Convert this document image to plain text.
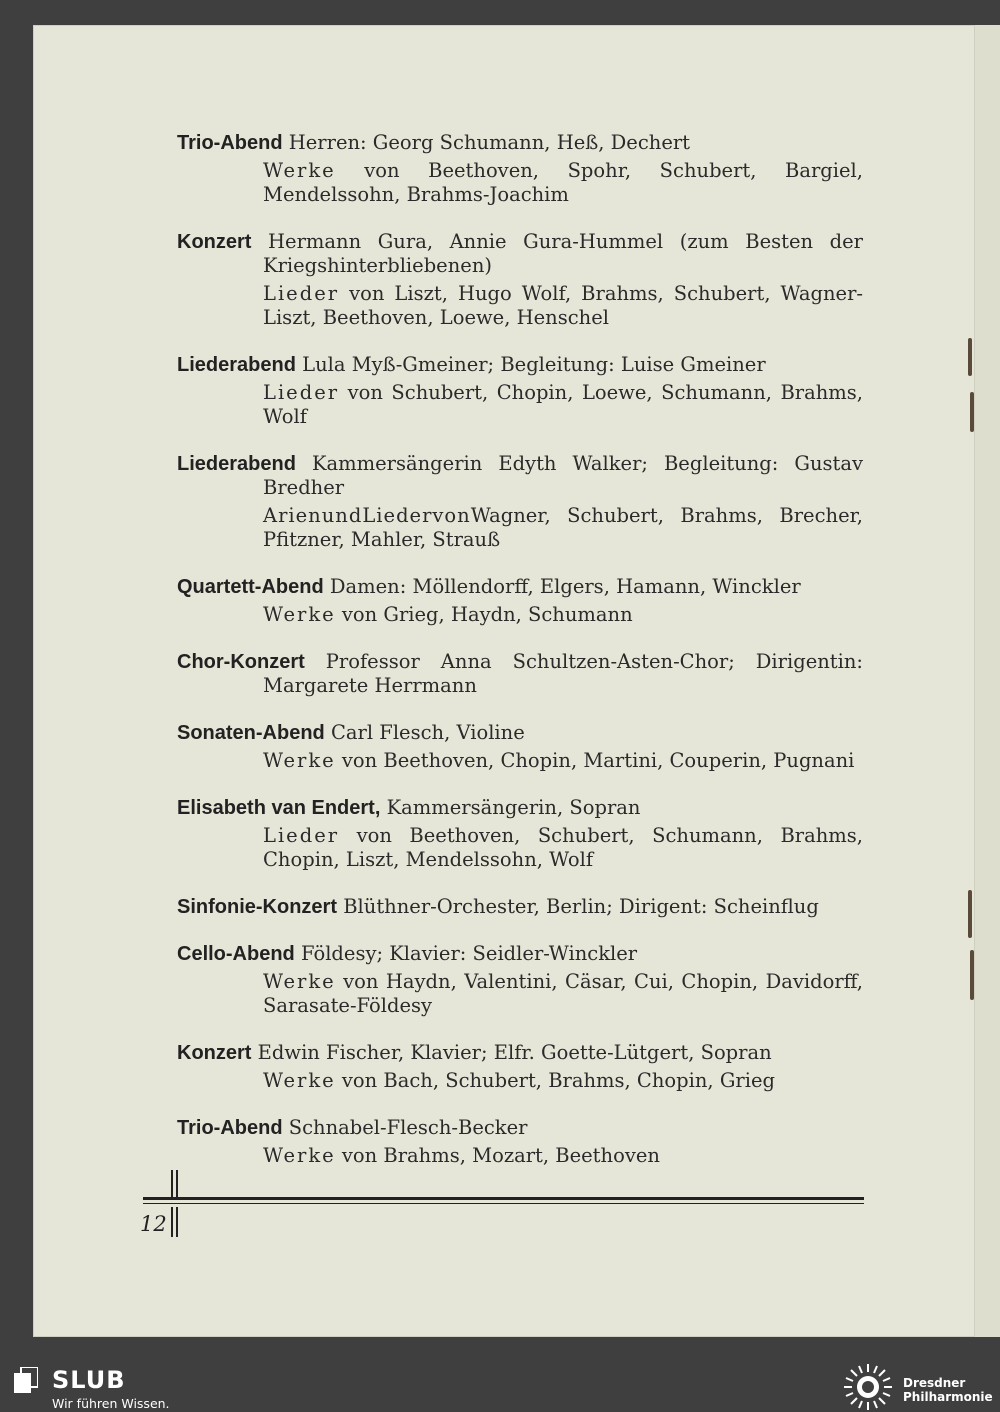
Trio-Abend Herren: Georg Schumann, Heß, Dechert
Werke von Beethoven, Spohr, Schubert, Bargiel, Mendelssohn, Brahms-Joachim
Konzert Hermann Gura, Annie Gura-Hummel (zum Besten der Kriegshinterbliebenen)
Lieder von Liszt, Hugo Wolf, Brahms, Schubert, Wagner-Liszt, Beethoven, Loewe, Henschel
Liederabend Lula Myß-Gmeiner; Begleitung: Luise Gmeiner
Lieder von Schubert, Chopin, Loewe, Schumann, Brahms, Wolf
Liederabend Kammersängerin Edyth Walker; Begleitung: Gustav Bredher
ArienundLiedervonWagner, Schubert, Brahms, Brecher, Pfitzner, Mahler, Strauß
Quartett-Abend Damen: Möllendorff, Elgers, Hamann, Winckler
Werke von Grieg, Haydn, Schumann
Chor-Konzert Professor Anna Schultzen-Asten-Chor; Dirigentin: Margarete Herrmann
Sonaten-Abend Carl Flesch, Violine
Werke von Beethoven, Chopin, Martini, Couperin, Pugnani
Elisabeth van Endert, Kammersängerin, Sopran
Lieder von Beethoven, Schubert, Schumann, Brahms, Chopin, Liszt, Mendelssohn, Wolf
Sinfonie-Konzert Blüthner-Orchester, Berlin; Dirigent: Scheinflug
Cello-Abend Földesy; Klavier: Seidler-Winckler
Werke von Haydn, Valentini, Cäsar, Cui, Chopin, Davidorff, Sarasate-Földesy
Konzert Edwin Fischer, Klavier; Elfr. Goette-Lütgert, Sopran
Werke von Bach, Schubert, Brahms, Chopin, Grieg
Trio-Abend Schnabel-Flesch-Becker
Werke von Brahms, Mozart, Beethoven
12
SLUB
Wir führen Wissen.
Dresdner
Philharmonie
